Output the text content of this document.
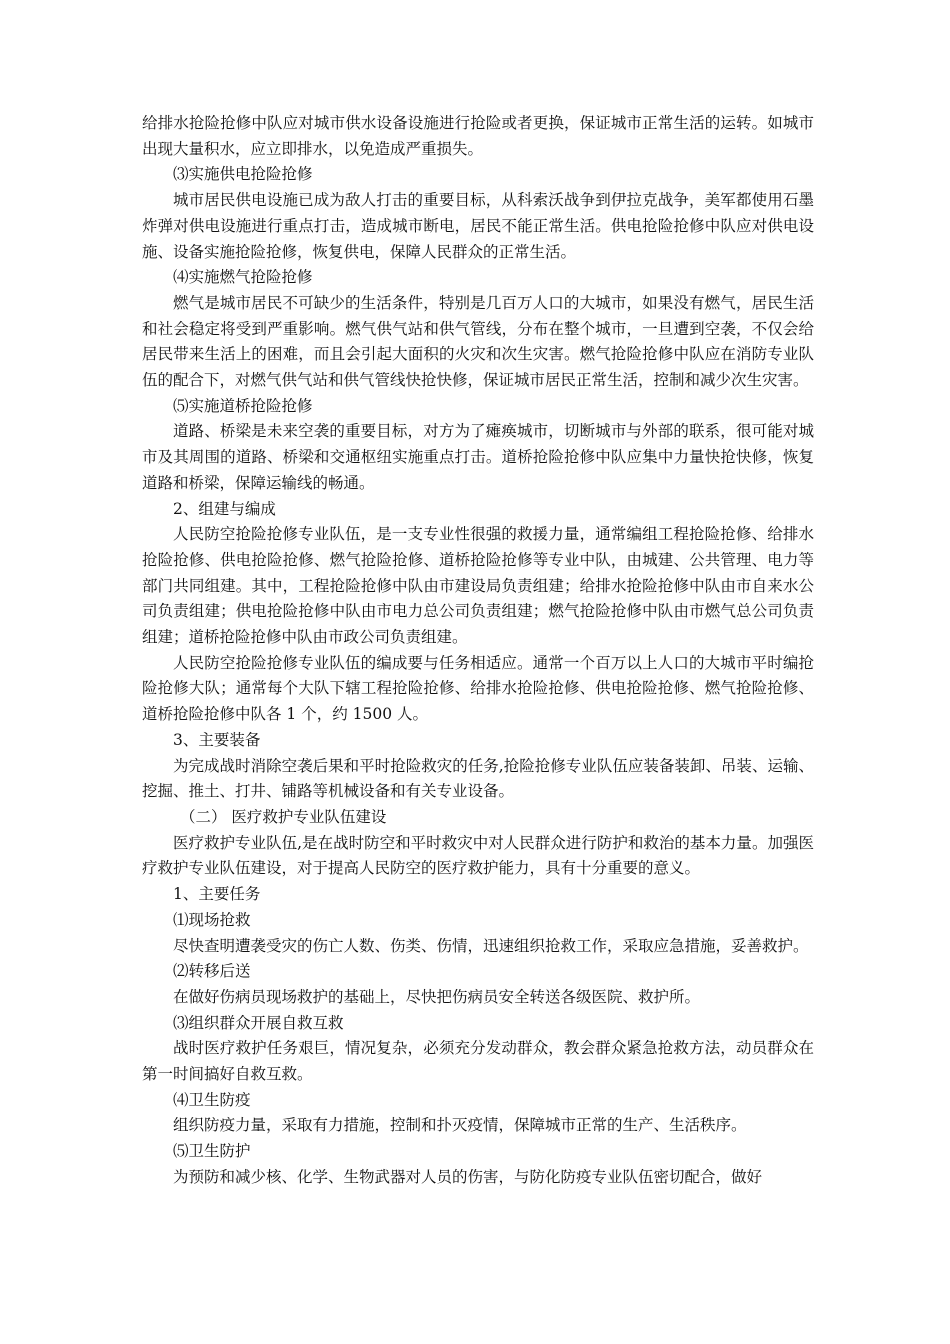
给排水抢险抢修中队应对城市供水设备设施进行抢险或者更换，保证城市正常生活的运转。如城市出现大量积水，应立即排水，以免造成严重损失。

⑶实施供电抢险抢修

城市居民供电设施已成为敌人打击的重要目标，从科索沃战争到伊拉克战争，美军都使用石墨炸弹对供电设施进行重点打击，造成城市断电，居民不能正常生活。供电抢险抢修中队应对供电设施、设备实施抢险抢修，恢复供电，保障人民群众的正常生活。

⑷实施燃气抢险抢修

燃气是城市居民不可缺少的生活条件，特别是几百万人口的大城市，如果没有燃气，居民生活和社会稳定将受到严重影响。燃气供气站和供气管线，分布在整个城市，一旦遭到空袭，不仅会给居民带来生活上的困难，而且会引起大面积的火灾和次生灾害。燃气抢险抢修中队应在消防专业队伍的配合下，对燃气供气站和供气管线快抢快修，保证城市居民正常生活，控制和减少次生灾害。

⑸实施道桥抢险抢修

道路、桥梁是未来空袭的重要目标，对方为了瘫痪城市，切断城市与外部的联系，很可能对城市及其周围的道路、桥梁和交通枢纽实施重点打击。道桥抢险抢修中队应集中力量快抢快修，恢复道路和桥梁，保障运输线的畅通。

2、组建与编成

人民防空抢险抢修专业队伍，是一支专业性很强的救援力量，通常编组工程抢险抢修、给排水抢险抢修、供电抢险抢修、燃气抢险抢修、道桥抢险抢修等专业中队，由城建、公共管理、电力等部门共同组建。其中，工程抢险抢修中队由市建设局负责组建；给排水抢险抢修中队由市自来水公司负责组建；供电抢险抢修中队由市电力总公司负责组建；燃气抢险抢修中队由市燃气总公司负责组建；道桥抢险抢修中队由市政公司负责组建。

人民防空抢险抢修专业队伍的编成要与任务相适应。通常一个百万以上人口的大城市平时编抢险抢修大队；通常每个大队下辖工程抢险抢修、给排水抢险抢修、供电抢险抢修、燃气抢险抢修、道桥抢险抢修中队各 1 个，约 1500 人。

3、主要装备

为完成战时消除空袭后果和平时抢险救灾的任务,抢险抢修专业队伍应装备装卸、吊装、运输、挖掘、推土、打井、铺路等机械设备和有关专业设备。

（二） 医疗救护专业队伍建设

医疗救护专业队伍,是在战时防空和平时救灾中对人民群众进行防护和救治的基本力量。加强医疗救护专业队伍建设，对于提高人民防空的医疗救护能力，具有十分重要的意义。

1、主要任务

⑴现场抢救

尽快查明遭袭受灾的伤亡人数、伤类、伤情，迅速组织抢救工作，采取应急措施，妥善救护。

⑵转移后送

在做好伤病员现场救护的基础上，尽快把伤病员安全转送各级医院、救护所。

⑶组织群众开展自救互救

战时医疗救护任务艰巨，情况复杂，必须充分发动群众，教会群众紧急抢救方法，动员群众在第一时间搞好自救互救。

⑷卫生防疫

组织防疫力量，采取有力措施，控制和扑灭疫情，保障城市正常的生产、生活秩序。

⑸卫生防护

为预防和减少核、化学、生物武器对人员的伤害，与防化防疫专业队伍密切配合，做好
